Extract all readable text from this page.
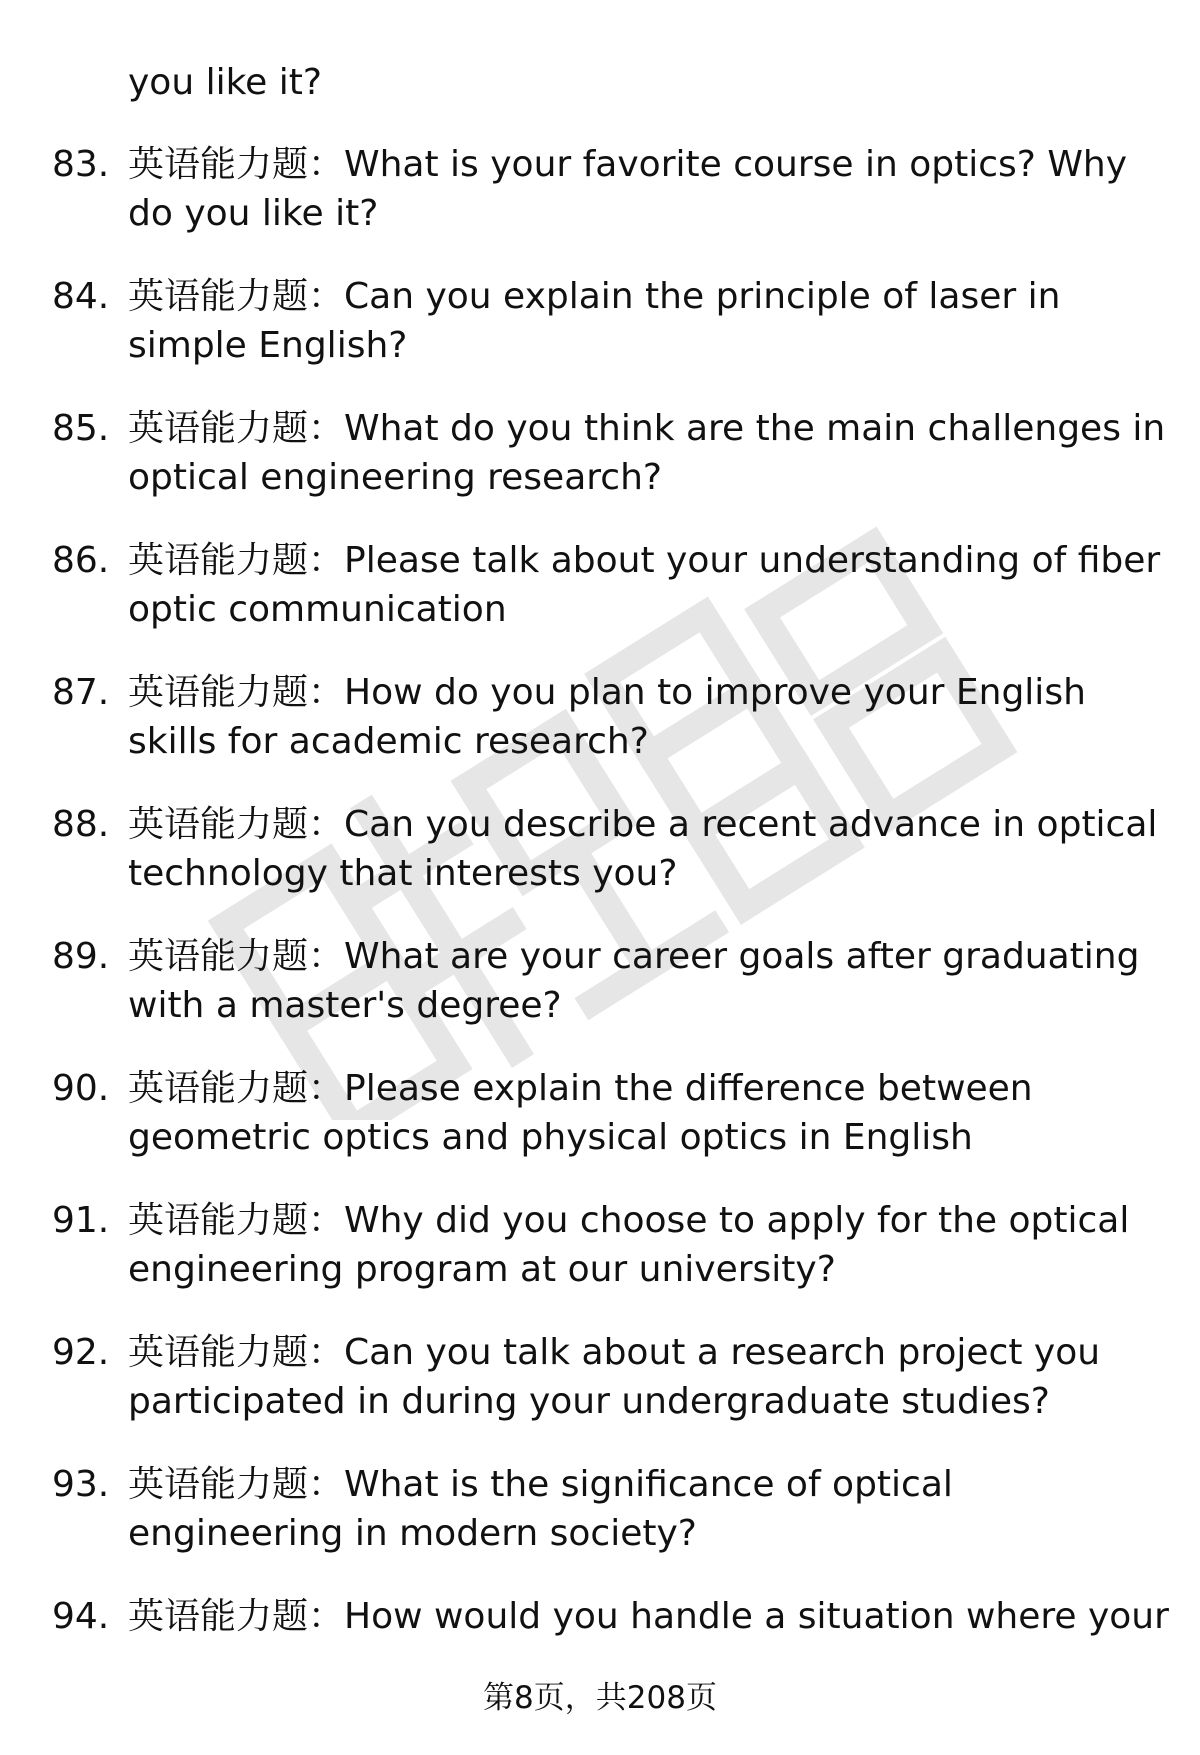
you like it?

83. 英语能力题：What is your favorite course in optics? Why do you like it?

84. 英语能力题：Can you explain the principle of laser in simple English?

85. 英语能力题：What do you think are the main challenges in optical engineering research?

86. 英语能力题：Please talk about your understanding of fiber optic communication

87. 英语能力题：How do you plan to improve your English skills for academic research?

88. 英语能力题：Can you describe a recent advance in optical technology that interests you?

89. 英语能力题：What are your career goals after graduating with a master's degree?

90. 英语能力题：Please explain the difference between geometric optics and physical optics in English

91. 英语能力题：Why did you choose to apply for the optical engineering program at our university?

92. 英语能力题：Can you talk about a research project you participated in during your undergraduate studies?

93. 英语能力题：What is the significance of optical engineering in modern society?

94. 英语能力题：How would you handle a situation where your

第8页，共208页
